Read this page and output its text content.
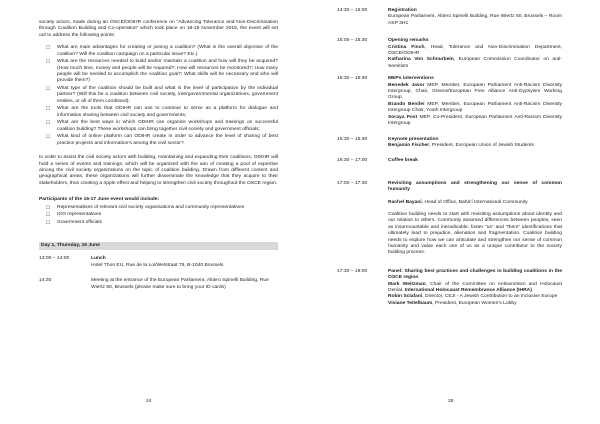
society actors, made during an OSCE/ODIHR conference on “Advancing Tolerance and Non-Discrimination through Coalition Building and Co-operation” which took place on 18-19 November 2015, the event will set out to address the following points:

☐ What are main advantages for creating or joining a coalition? (What is the overall objective of the coalition? Will the coalition campaign on a particular issue? Etc.)
☐ What are the resources needed to build and/or maintain a coalition and how will they be acquired? (How much time, money and people will be required?; How will resources be monitored?; How many people will be needed to accomplish the coalition goal?; What skills will be necessary and who will provide them?)
☐ What type of the coalition should be built and what is the level of participation by the individual partner? (Will this be a coalition between civil society, intergovernmental organizations, government entities, or all of them combined);
☐ What are the tools that ODIHR can use to continue to serve as a platform for dialogue and information sharing between civil society and governments;
☐ What are the best ways in which ODIHR can organize workshops and trainings on successful coalition building? These workshops can bring together civil society and government officials;
☐ What kind of online platform can ODIHR create in order to advance the level of sharing of best practice projects and information’s among the civil sector?

In order to assist the civil society actors with building, maintaining and expanding their coalitions, ODIHR will hold a series of events and trainings, which will be organized with the aim of creating a pool of expertise among the civil society organizations on the topic of coalition building. Drawn from different content and geographical areas, these organizations will further disseminate the knowledge that they acquire to their stakeholders, thus creating a ripple effect and helping to strengthen civil society throughout the OSCE region.

Participants of the 16-17 June event would include:

☐ Representatives of relevant civil society organisations and community representatives
☐ IGO representatives
☐ Government officials
Day 1, Thursday, 16 June
13:00 – 14:00	Lunch
Hotel Thon EU, Rue de la Loi/Wetstraat 75, B-1040 Brussels
14:30	Meeting at the entrance of the European Parliament, Altiero Spinelli Building, Rue Wiertz 60, Brussels (please make sure to bring your ID cards)
24
14:30 – 15:00	Registration
European Parliament, Altiero Spinelli Building, Rue Wiertz 60, Brussels – Room ASP 3H1
15:00 – 15:30	Opening remarks
Cristina Finch, Head, Tolerance and Non-Discrimination Department, OSCE/ODIHR
Katharina Von Schnurbein, European Commission Coordinator on anti-Semitism
15:30 – 16:30	MEPs interventions
Benedek Javor MEP, Member, European Parliament Anti-Racism Diversity Intergroup, Chair, Greens/European Free Alliance Anti-Gypsyism Working Group
Brando Benifei MEP, Member, European Parliament Anti-Racism Diversity Intergroup Chair, Youth Intergroup
Soraya Post MEP, Co-President, European Parliament Anti-Racism Diversity Intergroup
16:30 – 16:30	Keynote presentation
Benjamin Fischer, President, European Union of Jewish Students
16:30 – 17:00	Coffee break
17:00 – 17:30	Revisiting assumptions and strengthening our sense of common humanity
Rachel Bayani, Head of Office, Bahá’í International Community
Coalition building needs to start with revisiting assumptions about identity and our relation to others. Commonly assumed differences between peoples, seen as insurmountable and ineradicable, foster “us” and “them” identifications that ultimately lead to prejudice, alienation and fragmentation. Coalition building needs to explore how we can articulate and strengthen our sense of common humanity and value each one of us as a unique contributor to the society building process.
17:30 – 19:00	Panel: Sharing best practices and challenges in building coalitions in the OSCE region
Mark Weitzman, Chair of the Committee on Antisemitism and Holocaust Denial, International Holocaust Remembrance Alliance (IHRA)
Robin Sclafani, Director, CEJI - A Jewish Contribution to an Inclusive Europe
Viviane Teitelbaum, President, European Women’s Lobby
25
